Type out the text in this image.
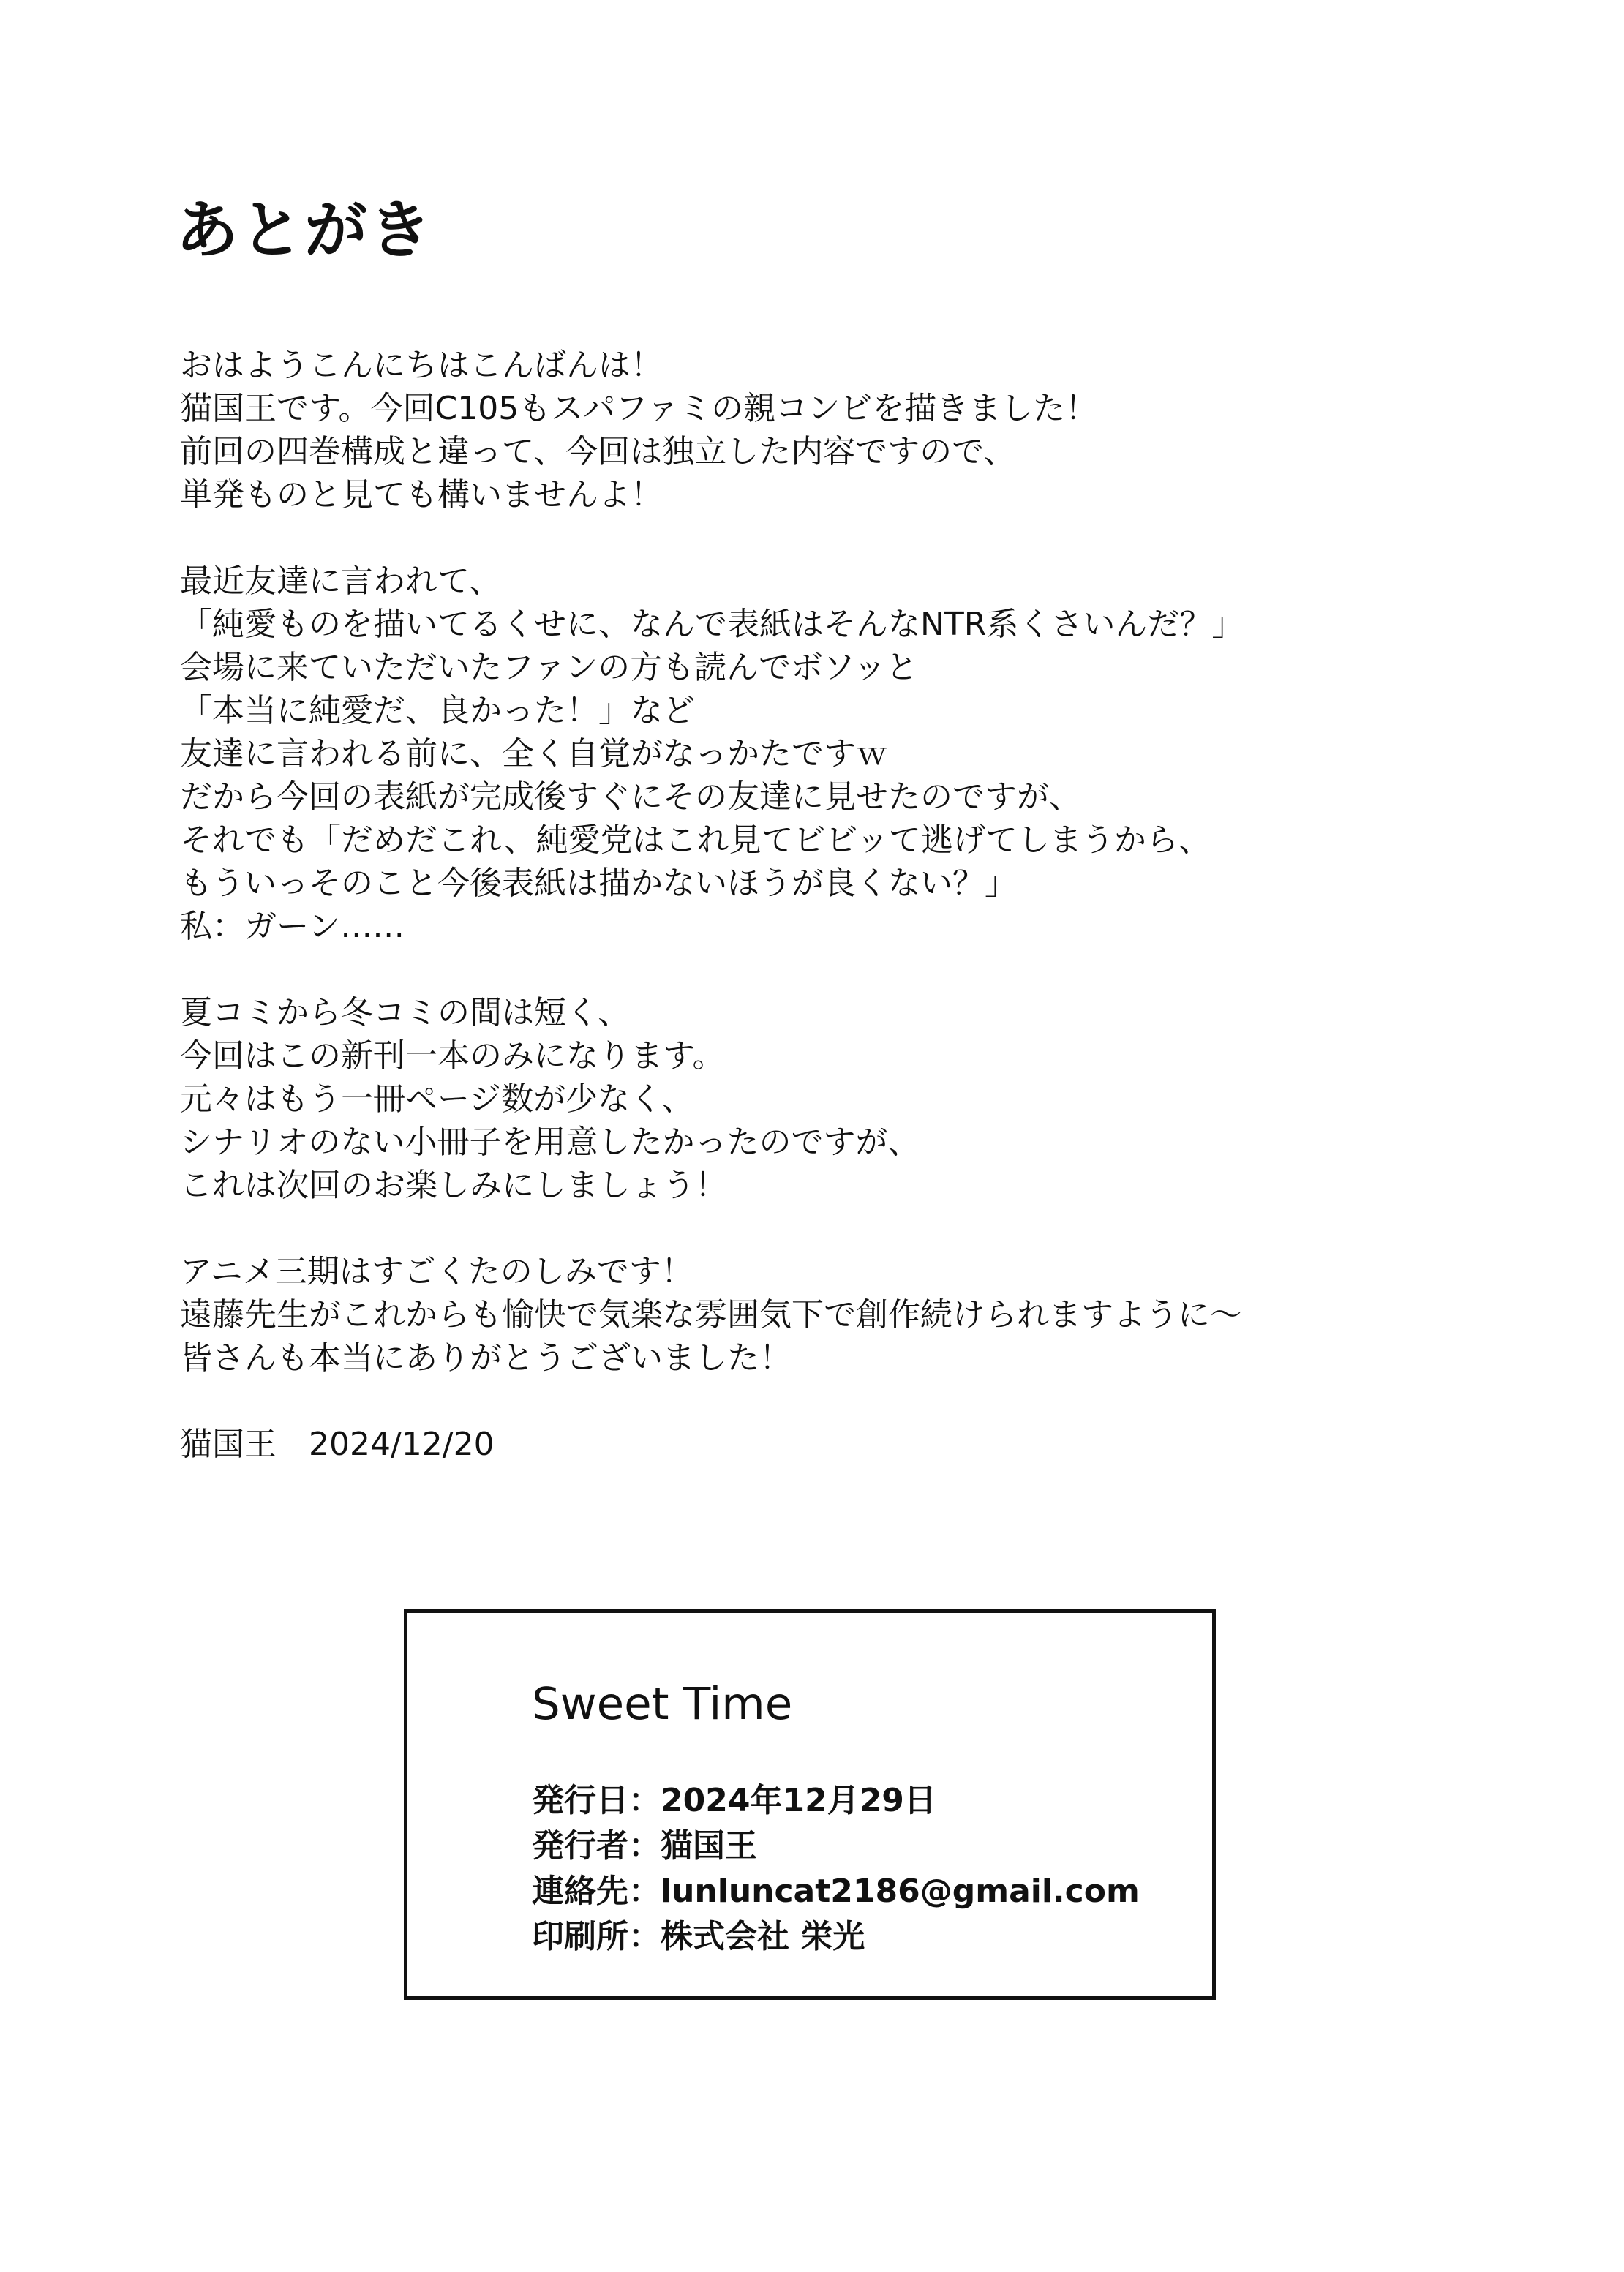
あとがき
おはようこんにちはこんばんは！
猫国王です。今回C105もスパファミの親コンビを描きました！
前回の四巻構成と違って、今回は独立した内容ですので、
単発ものと見ても構いませんよ！
最近友達に言われて、
「純愛ものを描いてるくせに、なんで表紙はそんなNTR系くさいんだ？」
会場に来ていただいたファンの方も読んでボソッと
「本当に純愛だ、良かった！」など
友達に言われる前に、全く自覚がなっかたですｗ
だから今回の表紙が完成後すぐにその友達に見せたのですが、
それでも「だめだこれ、純愛党はこれ見てビビッて逃げてしまうから、
もういっそのこと今後表紙は描かないほうが良くない？」
私：ガーン……
夏コミから冬コミの間は短く、
今回はこの新刊一本のみになります。
元々はもう一冊ページ数が少なく、
シナリオのない小冊子を用意したかったのですが、
これは次回のお楽しみにしましょう！
アニメ三期はすごくたのしみです！
遠藤先生がこれからも愉快で気楽な雰囲気下で創作続けられますように〜
皆さんも本当にありがとうございました！
猫国王　2024/12/20
Sweet Time
発行日：2024年12月29日
発行者：猫国王
連絡先：lunluncat2186@gmail.com
印刷所：株式会社 栄光
